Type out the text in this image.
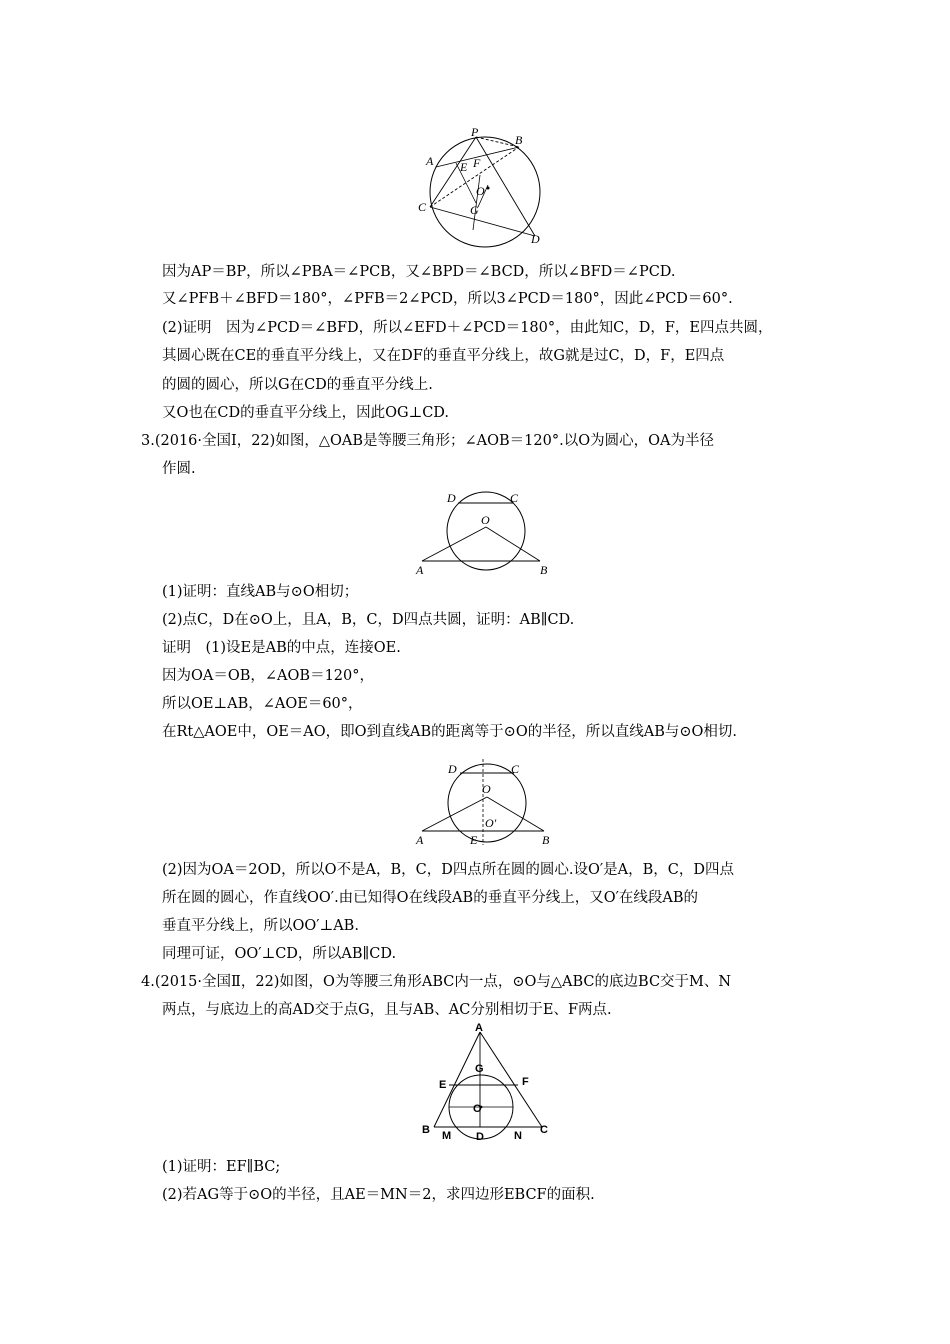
P
B
A E F
O
C	G
D
因为AP＝BP，所以∠PBA＝∠PCB，又∠BPD＝∠BCD，所以∠BFD＝∠PCD.
又∠PFB＋∠BFD＝180°，∠PFB＝2∠PCD，所以3∠PCD＝180°，因此∠PCD＝60°.
(2)证明　因为∠PCD＝∠BFD，所以∠EFD＋∠PCD＝180°，由此知C，D，F，E四点共圆，
其圆心既在CE的垂直平分线上，又在DF的垂直平分线上，故G就是过C，D，F，E四点
的圆的圆心，所以G在CD的垂直平分线上.
又O也在CD的垂直平分线上，因此OG⊥CD.
3.(2016·全国Ⅰ，22)如图，△OAB是等腰三角形；∠AOB＝120°.以O为圆心，OA为半径
作圆.
D	C
O
A	B
(1)证明：直线AB与⊙O相切；
(2)点C，D在⊙O上，且A，B，C，D四点共圆，证明：AB∥CD.
证明　(1)设E是AB的中点，连接OE.
因为OA＝OB，∠AOB＝120°，
所以OE⊥AB，∠AOE＝60°，
在Rt△AOE中，OE＝AO，即O到直线AB的距离等于⊙O的半径，所以直线AB与⊙O相切.
D	C
O
O′
A	E	B
(2)因为OA＝2OD，所以O不是A，B，C，D四点所在圆的圆心.设O′是A，B，C，D四点
所在圆的圆心，作直线OO′.由已知得O在线段AB的垂直平分线上，又O′在线段AB的
垂直平分线上，所以OO′⊥AB.
同理可证，OO′⊥CD，所以AB∥CD.
4.(2015·全国Ⅱ，22)如图，O为等腰三角形ABC内一点，⊙O与△ABC的底边BC交于M、N
两点，与底边上的高AD交于点G，且与AB、AC分别相切于E、F两点.
A
G
E	F
O
B M D	N C
(1)证明：EF∥BC;
(2)若AG等于⊙O的半径，且AE＝MN＝2，求四边形EBCF的面积.
